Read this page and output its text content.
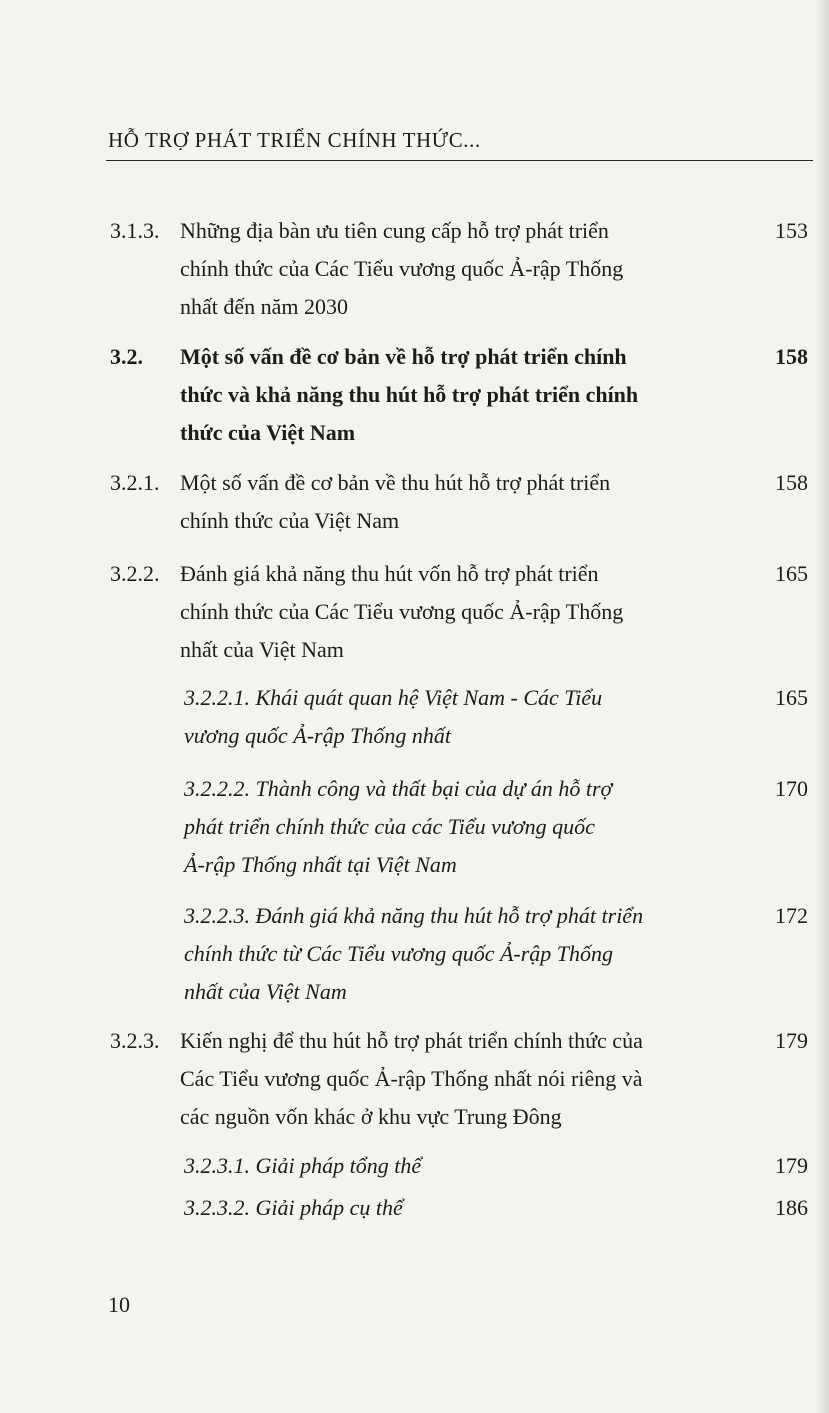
HỖ TRỢ PHÁT TRIỂN CHÍNH THỨC...
3.1.3. Những địa bàn ưu tiên cung cấp hỗ trợ phát triển
chính thức của Các Tiểu vương quốc Ả-rập Thống
nhất đến năm 2030
153
3.2. Một số vấn đề cơ bản về hỗ trợ phát triển chính
thức và khả năng thu hút hỗ trợ phát triển chính
thức của Việt Nam
158
3.2.1. Một số vấn đề cơ bản về thu hút hỗ trợ phát triển
chính thức của Việt Nam
158
3.2.2. Đánh giá khả năng thu hút vốn hỗ trợ phát triển
chính thức của Các Tiểu vương quốc Ả-rập Thống
nhất của Việt Nam
165
3.2.2.1. Khái quát quan hệ Việt Nam - Các Tiểu
vương quốc Ả-rập Thống nhất
165
3.2.2.2. Thành công và thất bại của dự án hỗ trợ
phát triển chính thức của các Tiểu vương quốc
Ả-rập Thống nhất tại Việt Nam
170
3.2.2.3. Đánh giá khả năng thu hút hỗ trợ phát triển
chính thức từ Các Tiểu vương quốc Ả-rập Thống
nhất của Việt Nam
172
3.2.3. Kiến nghị để thu hút hỗ trợ phát triển chính thức của
Các Tiểu vương quốc Ả-rập Thống nhất nói riêng và
các nguồn vốn khác ở khu vực Trung Đông
179
3.2.3.1. Giải pháp tổng thể	179
3.2.3.2. Giải pháp cụ thể	186
10
